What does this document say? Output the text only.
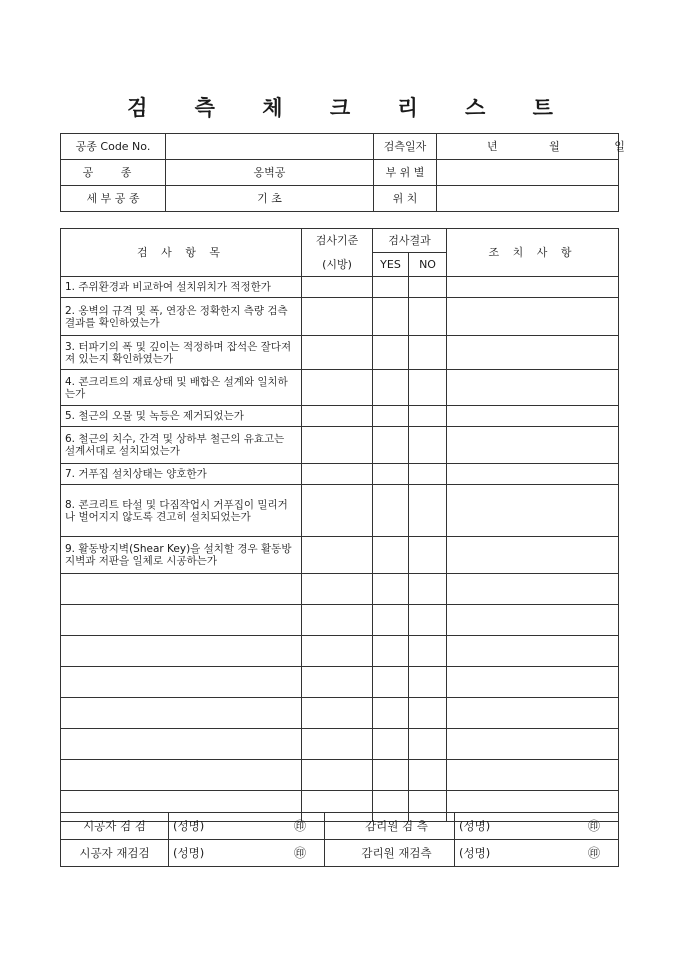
검 측 체 크 리 스 트
공종 Code No.		검측일자	년 월 일
공 종	옹벽공	부 위 별	
세 부 공 종	기 초	위 치	
검 사 항 목	검사기준	검사결과		조 치 사 항
	(시방)	YES	NO	
1. 주위환경과 비교하여 설치위치가 적정한가				
2. 옹벽의 규격 및 폭, 연장은 정확한지 측량 검측 결과를 확인하였는가				
3. 터파기의 폭 및 깊이는 적정하며 잡석은 잘다져져 있는지 확인하였는가				
4. 콘크리트의 재료상태 및 배합은 설계와 일치하는가				
5. 철근의 오물 및 녹등은 제거되었는가				
6. 철근의 치수, 간격 및 상하부 철근의 유효고는 설계서대로 설치되었는가				
7. 거푸집 설치상태는 양호한가				
8. 콘크리트 타설 및 다짐작업시 거푸집이 밀리거나 벌어지지 않도록 견고히 설치되었는가				
9. 활동방지벽(Shear Key)을 설치할 경우 활동방지벽과 저판을 일체로 시공하는가				

시공자 검 검	(성명) ㊞	감리원 검 측	(성명) ㊞

시공자 재검검	(성명) ㊞	감리원 재검측	(성명) ㊞
